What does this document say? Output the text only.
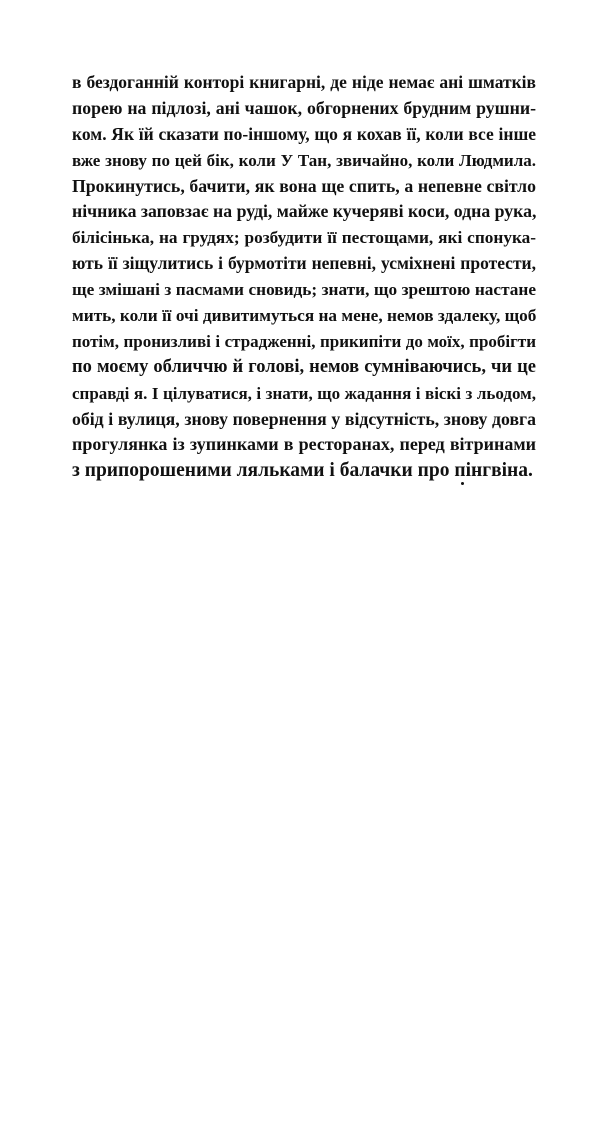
в бездоганній конторі книгарні, де ніде немає ані шматків
порею на підлозі, ані чашок, обгорнених брудним рушни-
ком. Як їй сказати по-іншому, що я кохав її, коли все інше
вже знову по цей бік, коли У Тан, звичайно, коли Людмила.
Прокинутись, бачити, як вона ще спить, а непевне світло
нічника заповзає на руді, майже кучеряві коси, одна рука,
білісінька, на грудях; розбудити її пестощами, які спонука-
ють її зіщулитись і бурмотіти непевні, усміхнені протести,
ще змішані з пасмами сновидь; знати, що зрештою настане
мить, коли її очі дивитимуться на мене, немов здалеку, щоб
потім, пронизливі і страдженні, прикипіти до моїх, пробігти
по моєму обличчю й голові, немов сумніваючись, чи це
справді я. І цілуватися, і знати, що жадання і віскі з льодом,
обід і вулиця, знову повернення у відсутність, знову довга
прогулянка із зупинками в ресторанах, перед вітринами
з припорошеними ляльками і балачки про пінгвіна.
